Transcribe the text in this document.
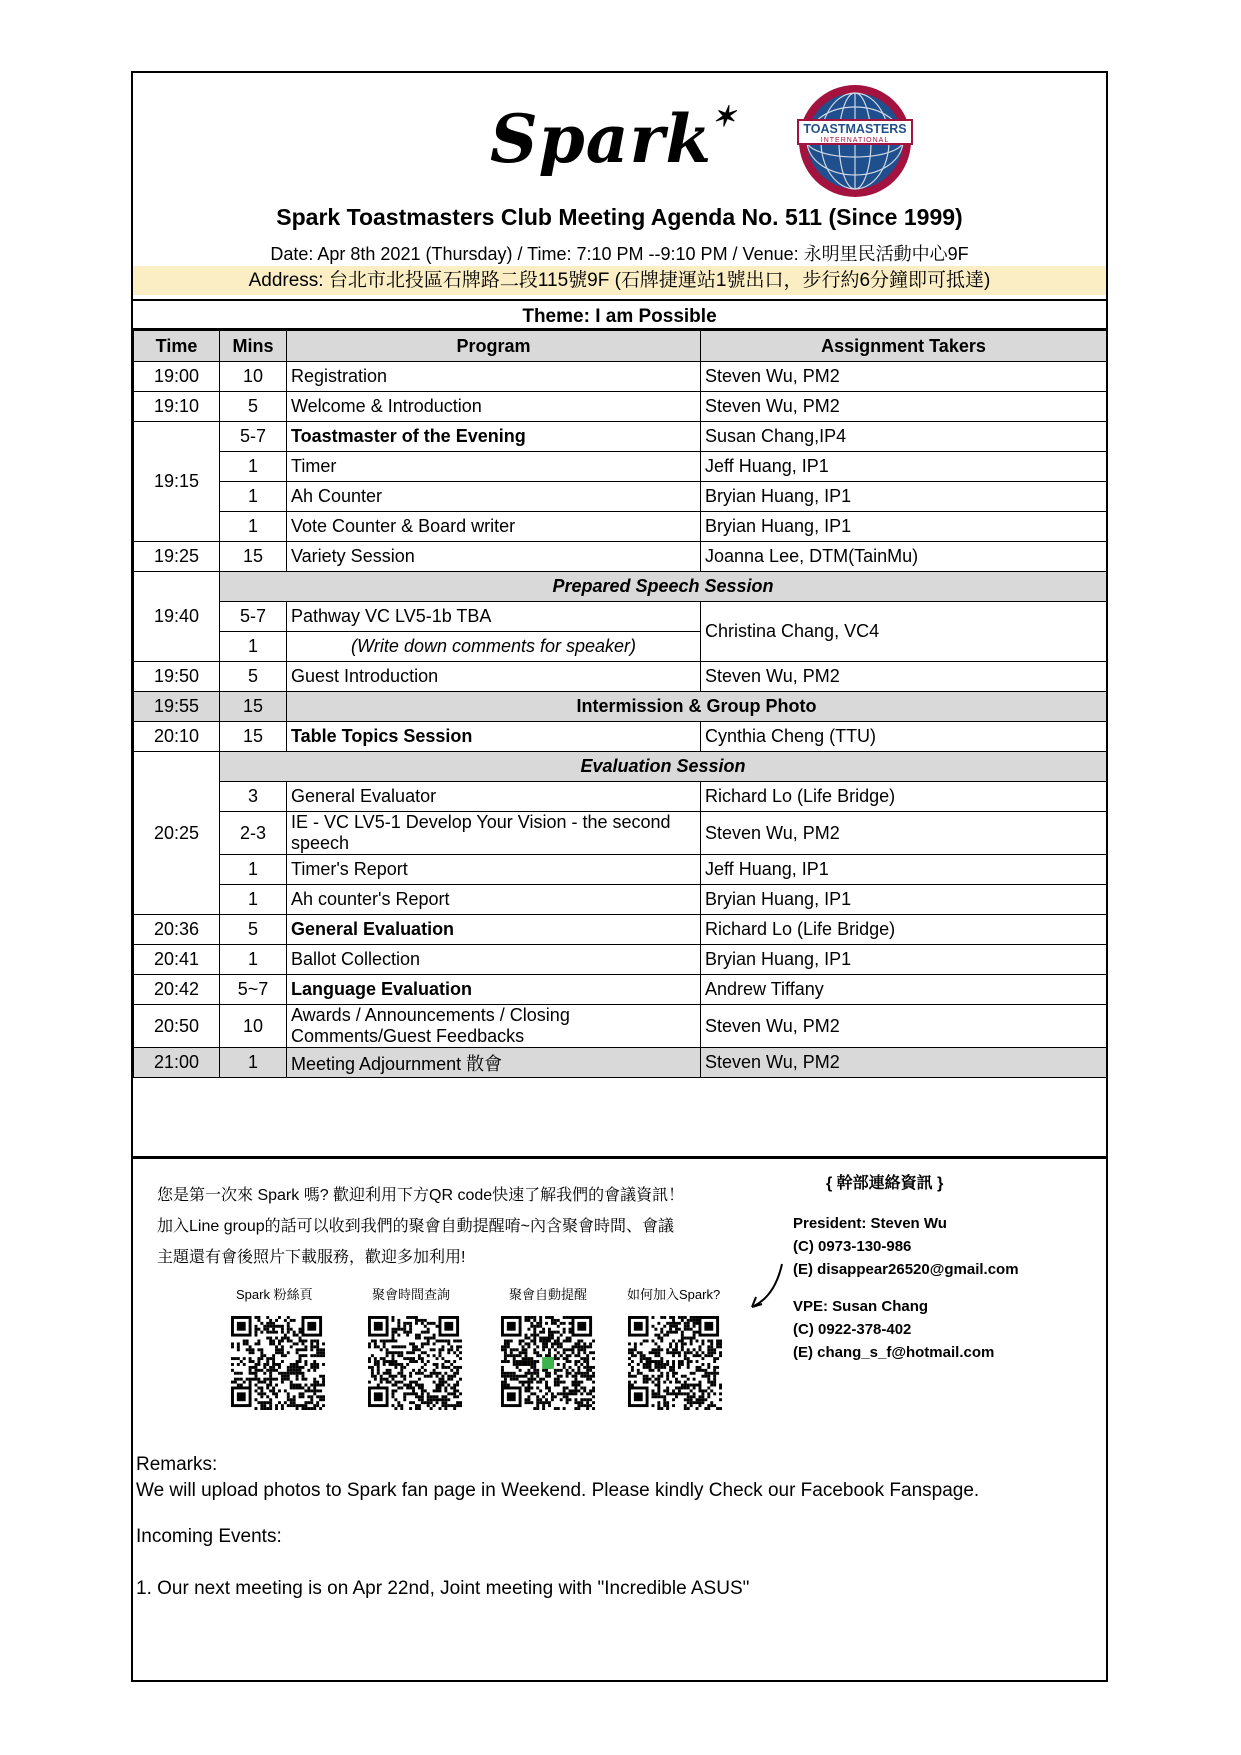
Spark✶	TOASTMASTERS
INTERNATIONAL
Spark Toastmasters Club Meeting Agenda No. 511 (Since 1999)
Date: Apr 8th 2021 (Thursday) / Time: 7:10 PM --9:10 PM / Venue: 永明里民活動中心9F
Address: 台北市北投區石牌路二段115號9F (石牌捷運站1號出口，步行約6分鐘即可抵達)
Theme: I am Possible
Time	Mins	Program	Assignment Takers
19:00	10	Registration	Steven Wu, PM2
19:10	5	Welcome & Introduction	Steven Wu, PM2
19:15	5-7	Toastmaster of the Evening	Susan Chang,IP4
	1	Timer	Jeff Huang, IP1
	1	Ah Counter	Bryian Huang, IP1
	1	Vote Counter & Board writer	Bryian Huang, IP1
19:25	15	Variety Session	Joanna Lee, DTM(TainMu)
19:40	Prepared Speech Session		
	5-7	Pathway VC LV5-1b TBA	Christina Chang, VC4
	1	(Write down comments for speaker)	
19:50	5	Guest Introduction	Steven Wu, PM2
19:55	15	Intermission & Group Photo	
20:10	15	Table Topics Session	Cynthia Cheng (TTU)
20:25	Evaluation Session		
	3	General Evaluator	Richard Lo (Life Bridge)
	2-3	IE - VC LV5-1 Develop Your Vision - the second speech	Steven Wu, PM2
	1	Timer's Report	Jeff Huang, IP1
	1	Ah counter's Report	Bryian Huang, IP1
20:36	5	General Evaluation	Richard Lo (Life Bridge)
20:41	1	Ballot Collection	Bryian Huang, IP1
20:42	5~7	Language Evaluation	Andrew Tiffany
20:50	10	Awards / Announcements / Closing Comments/Guest Feedbacks	Steven Wu, PM2
21:00	1	Meeting Adjournment 散會	Steven Wu, PM2
您是第一次來 Spark 嗎? 歡迎利用下方QR code快速了解我們的會議資訊！
加入Line group的話可以收到我們的聚會自動提醒唷~內含聚會時間、會議
主題還有會後照片下載服務，歡迎多加利用!
Spark 粉絲頁	聚會時間查詢	聚會自動提醒	如何加入Spark?
{ 幹部連絡資訊 }
President: Steven Wu
(C) 0973-130-986
(E) disappear26520@gmail.com
VPE: Susan Chang
(C) 0922-378-402
(E) chang_s_f@hotmail.com
Remarks:
We will upload photos to Spark fan page in Weekend. Please kindly Check our Facebook Fanspage.
Incoming Events:
1. Our next meeting is on Apr 22nd, Joint meeting with "Incredible ASUS"
